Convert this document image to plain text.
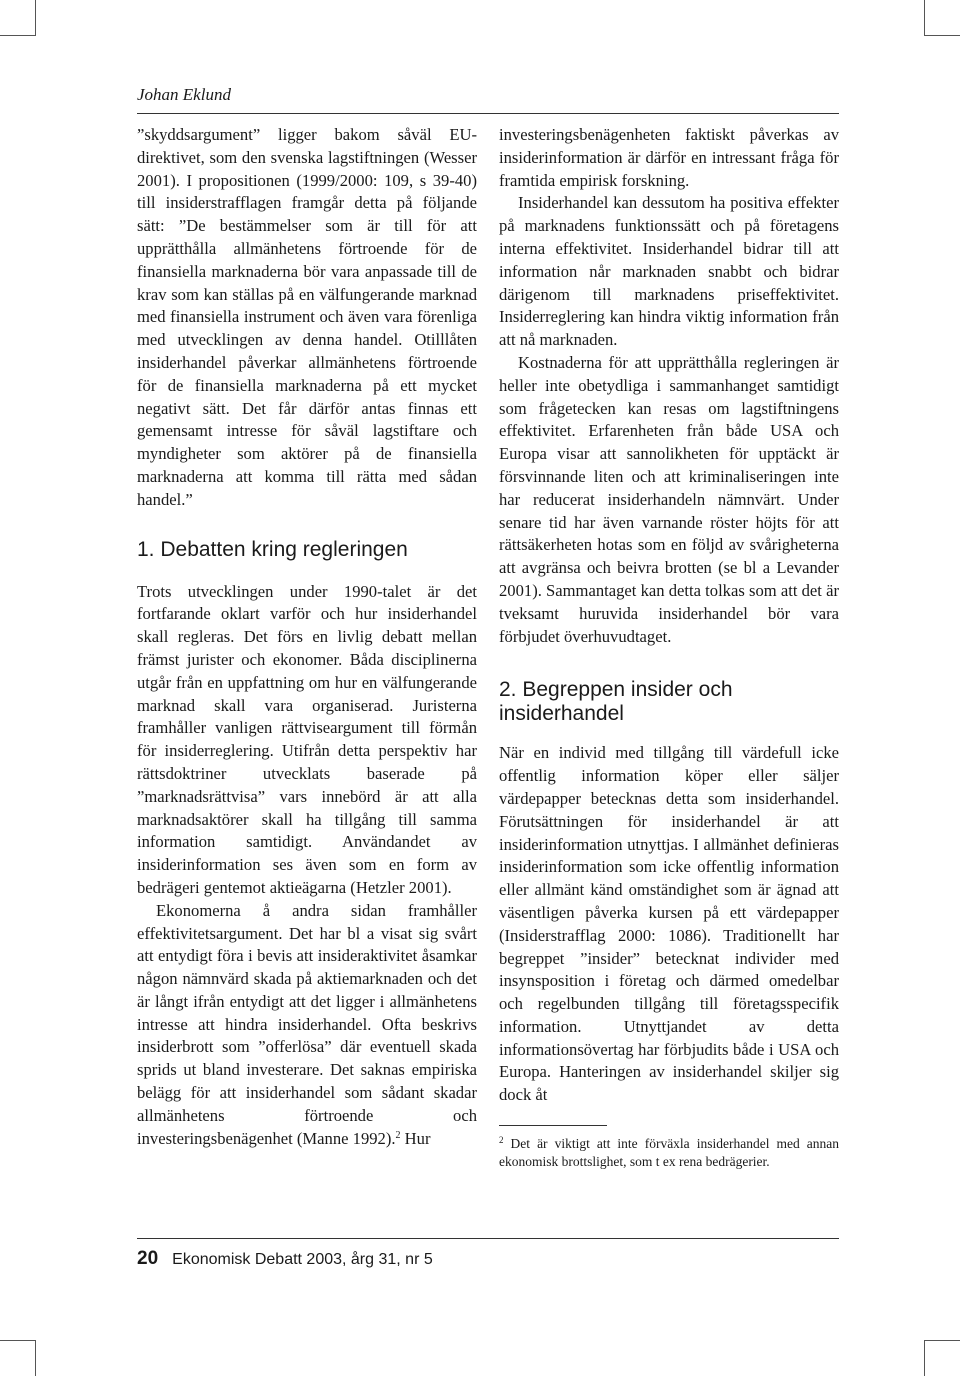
Johan Eklund

”skyddsargument” ligger bakom såväl EU-direktivet, som den svenska lagstiftningen (Wesser 2001). I propositionen (1999/2000: 109, s 39-40) till insiderstrafflagen framgår detta på följande sätt: ”De bestämmelser som är till för att upprätthålla allmänhetens förtroende för de finansiella marknaderna bör vara anpassade till de krav som kan ställas på en välfungerande marknad med finansiella instrument och även vara förenliga med utvecklingen av denna handel. Otilllåten insiderhandel påverkar allmänhetens förtroende för de finansiella marknaderna på ett mycket negativt sätt. Det får därför antas finnas ett gemensamt intresse för såväl lagstiftare och myndigheter som aktörer på de finansiella marknaderna att komma till rätta med sådan handel.”

1. Debatten kring regleringen

Trots utvecklingen under 1990-talet är det fortfarande oklart varför och hur insiderhandel skall regleras. Det förs en livlig debatt mellan främst jurister och ekonomer. Båda disciplinerna utgår från en uppfattning om hur en välfungerande marknad skall vara organiserad. Juristerna framhåller vanligen rättviseargument till förmån för insiderreglering. Utifrån detta perspektiv har rättsdoktriner utvecklats baserade på ”marknadsrättvisa” vars innebörd är att alla marknadsaktörer skall ha tillgång till samma information samtidigt. Användandet av insiderinformation ses även som en form av bedrägeri gentemot aktieägarna (Hetzler 2001).

Ekonomerna å andra sidan framhåller effektivitetsargument. Det har bl a visat sig svårt att entydigt föra i bevis att insideraktivitet åsamkar någon nämnvärd skada på aktiemarknaden och det är långt ifrån entydigt att det ligger i allmänhetens intresse att hindra insiderhandel. Ofta beskrivs insiderbrott som ”offerlösa” där eventuell skada sprids ut bland investerare. Det saknas empiriska belägg för att insiderhandel som sådant skadar allmänhetens förtroende och investeringsbenägenhet (Manne 1992).$^2$ Hur

investeringsbenägenheten faktiskt påverkas av insiderinformation är därför en intressant fråga för framtida empirisk forskning.

Insiderhandel kan dessutom ha positiva effekter på marknadens funktionssätt och på företagens interna effektivitet. Insiderhandel bidrar till att information når marknaden snabbt och bidrar därigenom till marknadens priseffektivitet. Insiderreglering kan hindra viktig information från att nå marknaden.

Kostnaderna för att upprätthålla regleringen är heller inte obetydliga i sammanhanget samtidigt som frågetecken kan resas om lagstiftningens effektivitet. Erfarenheten från både USA och Europa visar att sannolikheten för upptäckt är försvinnande liten och att kriminaliseringen inte har reducerat insiderhandeln nämnvärt. Under senare tid har även varnande röster höjts för att rättsäkerheten hotas som en följd av svårigheterna att avgränsa och beivra brotten (se bl a Levander 2001). Sammantaget kan detta tolkas som att det är tveksamt huruvida insiderhandel bör vara förbjudet överhuvudtaget.

2. Begreppen insider och insiderhandel

När en individ med tillgång till värdefull icke offentlig information köper eller säljer värdepapper betecknas detta som insiderhandel. Förutsättningen för insiderhandel är att insiderinformation utnyttjas. I allmänhet definieras insiderinformation som icke offentlig information eller allmänt känd omständighet som är ägnad att väsentligen påverka kursen på ett värdepapper (Insiderstrafflag 2000: 1086). Traditionellt har begreppet ”insider” betecknat individer med insynsposition i företag och därmed omedelbar och regelbunden tillgång till företagsspecifik information. Utnyttjandet av detta informationsövertag har förbjudits både i USA och Europa. Hanteringen av insiderhandel skiljer sig dock åt

$^2$ Det är viktigt att inte förväxla insiderhandel med annan ekonomisk brottslighet, som t ex rena bedrägerier.
20 Ekonomisk Debatt 2003, årg 31, nr 5
